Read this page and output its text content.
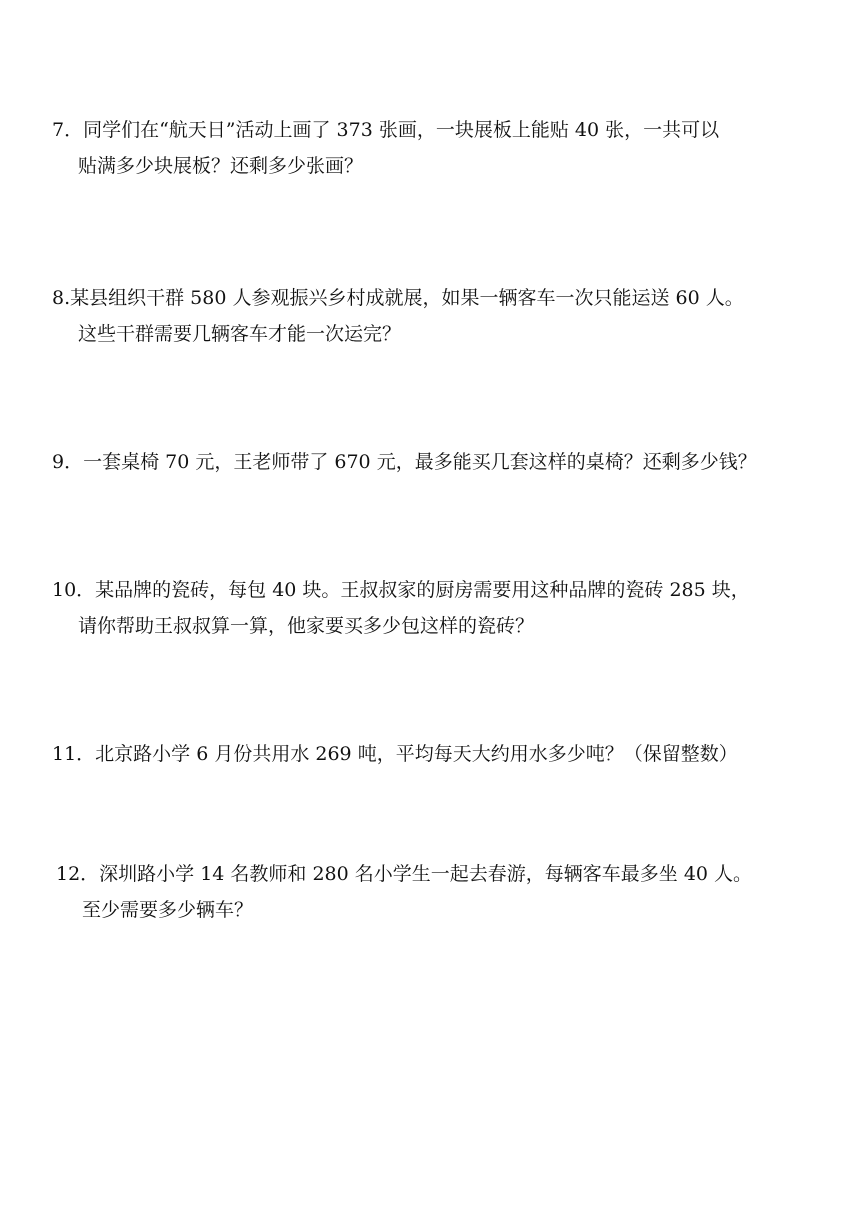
7．同学们在“航天日”活动上画了 373 张画，一块展板上能贴 40 张，一共可以
贴满多少块展板？还剩多少张画？
8.某县组织干群 580 人参观振兴乡村成就展，如果一辆客车一次只能运送 60 人。
这些干群需要几辆客车才能一次运完？
9．一套桌椅 70 元，王老师带了 670 元，最多能买几套这样的桌椅？还剩多少钱？
10．某品牌的瓷砖，每包 40 块。王叔叔家的厨房需要用这种品牌的瓷砖 285 块，
请你帮助王叔叔算一算，他家要买多少包这样的瓷砖？
11．北京路小学 6 月份共用水 269 吨，平均每天大约用水多少吨？（保留整数）
12．深圳路小学 14 名教师和 280 名小学生一起去春游，每辆客车最多坐 40 人。
至少需要多少辆车？
